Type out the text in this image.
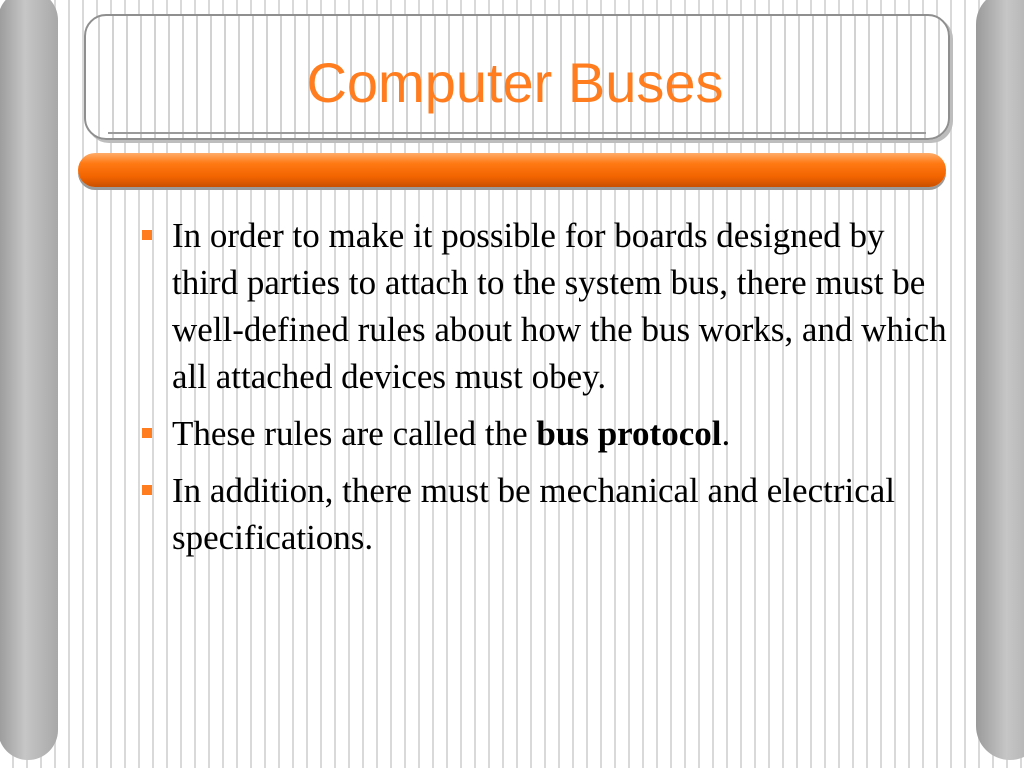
Computer Buses
In order to make it possible for boards designed by third parties to attach to the system bus, there must be well-defined rules about how the bus works, and which all attached devices must obey.
These rules are called the bus protocol.
In addition, there must be mechanical and electrical specifications.
